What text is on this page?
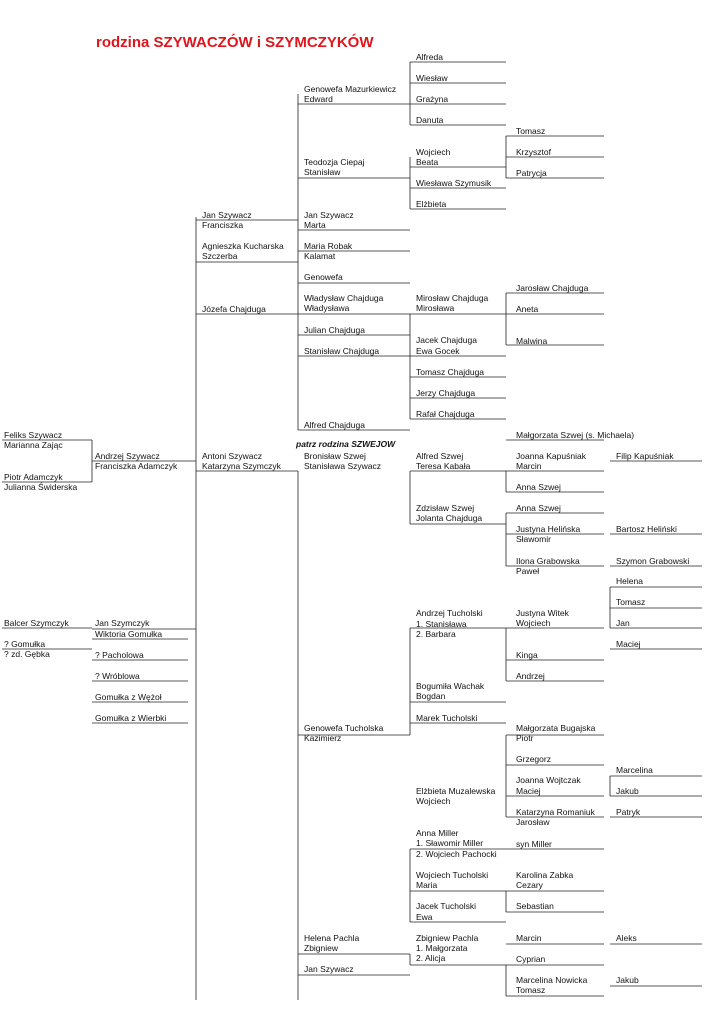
rodzina SZYWACZÓW i SZYMCZYKÓW
patrz rodzina SZWEJOW
Alfreda
Wiesław
Grażyna
Danuta
Genowefa Mazurkiewicz
Edward
Tomasz
Krzysztof
Patrycja
Wojciech
Beata
Teodozja Ciepaj
Stanisław
Wiesława Szymusik
Elżbieta
Jan Szywacz
Franciszka
Jan Szywacz
Marta
Agnieszka Kucharska
Szczerba
Maria Robak
Kalamat
Genowefa
Jarosław Chajduga
Józefa Chajduga
Władysław Chajduga
Władysława
Mirosław Chajduga
Mirosława	Aneta
Julian Chajduga
Jacek Chajduga
Stanisław Chajduga	Ewa Gocek
Malwina
Tomasz Chajduga
Jerzy Chajduga
Rafał Chajduga
Alfred Chajduga
Feliks Szywacz
Marianna Zając
Małgorzata Szwej (s. Michaela)
Andrzej Szywacz
Franciszka Adamczyk
Antoni Szywacz
Katarzyna Szymczyk
Bronisław Szwej
Stanisława Szywacz
Alfred Szwej
Teresa Kabała
Joanna Kapuśniak	Filip Kapuśniak
Marcin
Piotr Adamczyk
Julianna Świderska	Anna Szwej
Zdzisław Szwej
Jolanta Chajduga
Anna Szwej
Justyna Helińska
Sławomir
Bartosz Heliński
Ilona Grabowska
Paweł
Szymon Grabowski
Helena
Tomasz
Andrzej Tucholski
1. Stanisława
2. Barbara
Justyna Witek
Wojciech	Jan
Balcer Szymczyk	Jan Szymczyk
Wiktoria Gomułka
? Gomułka
? zd. Gębka	? Pacholowa
Maciej
Kinga
? Wróblowa	Andrzej
Bogumiła Wachak
Bogdan
Gomułka z Wężoł
Gomułka z Wierbki	Marek Tucholski
Genowefa Tucholska
Kazimierz
Małgorzata Bugajska
Piotr
Grzegorz
Marcelina
Joanna Wojtczak
Elżbieta Muzalewska Maciej	Jakub
Wojciech
Katarzyna Romaniuk Patryk
Jarosław
Anna Miller
1. Sławomir Miller	syn Miller
2. Wojciech Pachocki
Wojciech Tucholski	Karolina Zabka
Maria	Cezary
Jacek Tucholski	Sebastian
Ewa
Helena Pachla	Zbigniew Pachla	Marcin	Aleks
Zbigniew	1. Małgorzata
2. Alicja	Cyprian
Jan Szywacz
Marcelina Nowicka	Jakub
Tomasz
